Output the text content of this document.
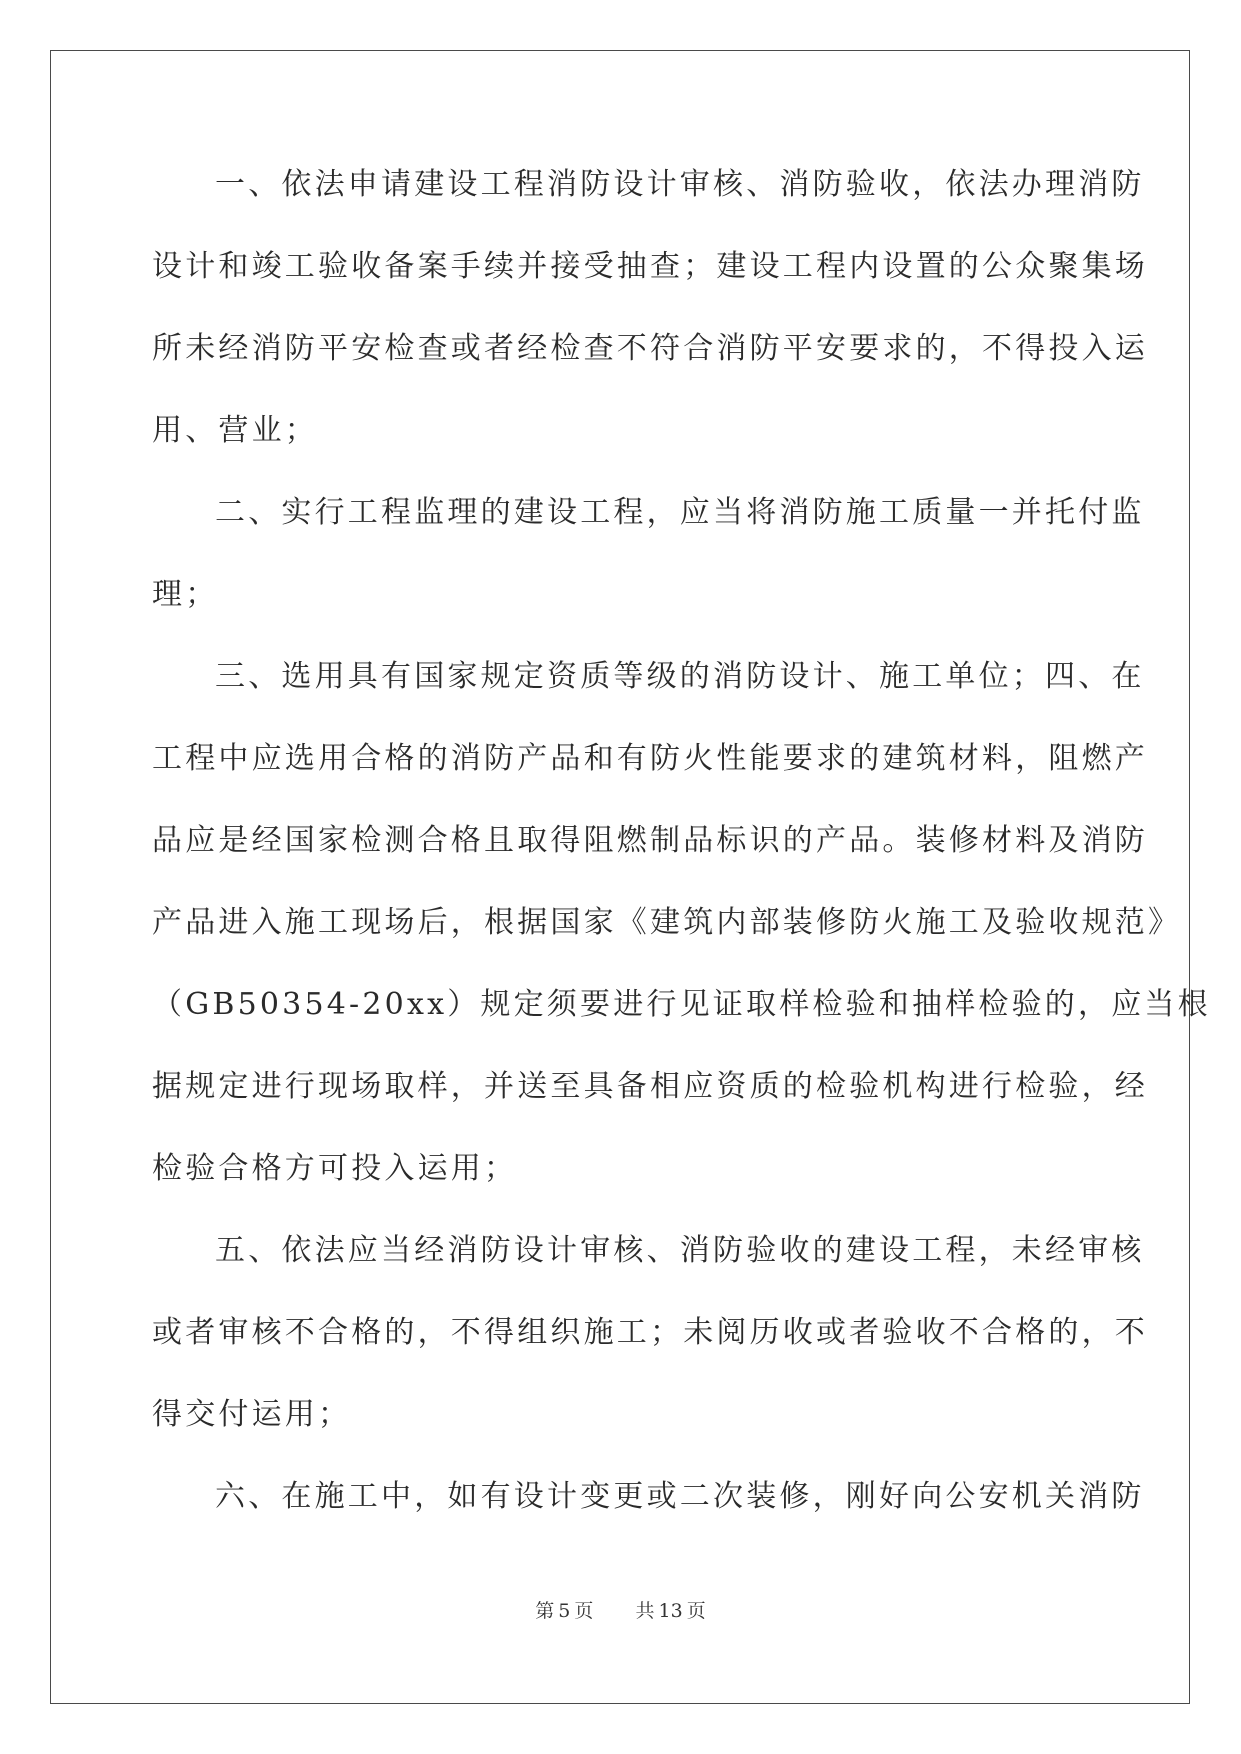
一、依法申请建设工程消防设计审核、消防验收，依法办理消防
设计和竣工验收备案手续并接受抽查；建设工程内设置的公众聚集场
所未经消防平安检查或者经检查不符合消防平安要求的，不得投入运
用、营业；
二、实行工程监理的建设工程，应当将消防施工质量一并托付监
理；
三、选用具有国家规定资质等级的消防设计、施工单位；四、在
工程中应选用合格的消防产品和有防火性能要求的建筑材料，阻燃产
品应是经国家检测合格且取得阻燃制品标识的产品。装修材料及消防
产品进入施工现场后，根据国家《建筑内部装修防火施工及验收规范》
（GB50354-20xx）规定须要进行见证取样检验和抽样检验的，应当根
据规定进行现场取样，并送至具备相应资质的检验机构进行检验，经
检验合格方可投入运用；
五、依法应当经消防设计审核、消防验收的建设工程，未经审核
或者审核不合格的，不得组织施工；未阅历收或者验收不合格的，不
得交付运用；
六、在施工中，如有设计变更或二次装修，刚好向公安机关消防
第 5 页 共 13 页
